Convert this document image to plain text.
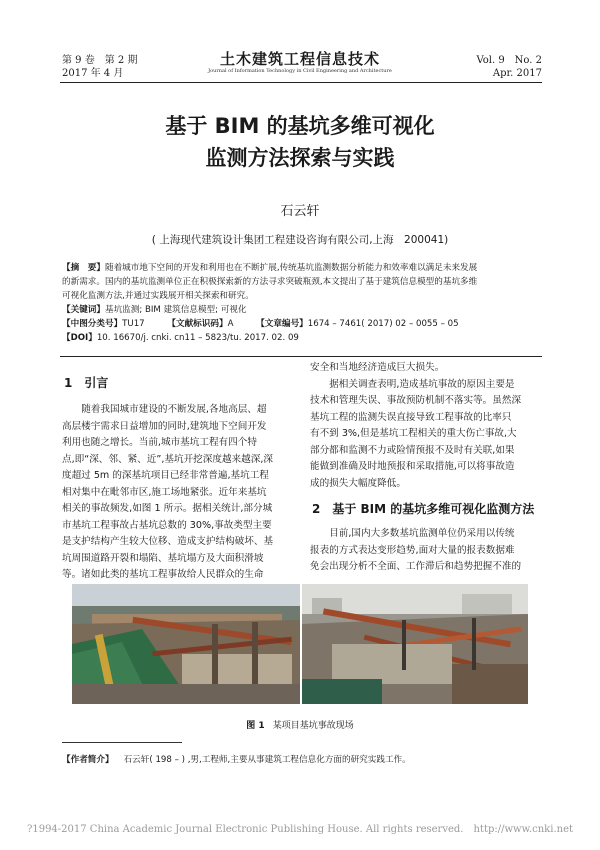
第 9 卷　第 2 期
2017 年 4 月
土木建筑工程信息技术
Journal of Information Technology in Civil Engineering and Architecture
Vol. 9　No. 2
Apr. 2017
基于 BIM 的基坑多维可视化
监测方法探索与实践
石云轩
( 上海现代建筑设计集团工程建设咨询有限公司,上海　200041)

【摘　要】随着城市地下空间的开发和利用也在不断扩展,传统基坑监测数据分析能力和效率难以满足未来发展

的新需求。国内的基坑监测单位正在积极探索新的方法寻求突破瓶颈,本文提出了基于建筑信息模型的基坑多维

可视化监测方法,并通过实践展开相关探索和研究。

【关键词】基坑监测; BIM 建筑信息模型; 可视化

【中图分类号】TU17	【文献标识码】A	【文章编号】1674 – 7461( 2017) 02 – 0055 – 05

【DOI】10. 16670/j. cnki. cn11 – 5823/tu. 2017. 02. 09

1　引言

随着我国城市建设的不断发展,各地高层、超

高层楼宇需求日益增加的同时,建筑地下空间开发

利用也随之增长。当前,城市基坑工程有四个特

点,即“深、邻、紧、近”,基坑开挖深度越来越深,深

度超过 5m 的深基坑项目已经非常普遍,基坑工程

相对集中在毗邻市区,施工场地紧张。近年来基坑

相关的事故频发,如图 1 所示。据相关统计,部分城

市基坑工程事故占基坑总数的 30%,事故类型主要

是支护结构产生较大位移、造成支护结构破坏、基

坑周围道路开裂和塌陷、基坑塌方及大面积滑坡

等。诸如此类的基坑工程事故给人民群众的生命

安全和当地经济造成巨大损失。

据相关调查表明,造成基坑事故的原因主要是

技术和管理失误、事故预防机制不落实等。虽然深

基坑工程的监测失误直接导致工程事故的比率只

有不到 3%,但是基坑工程相关的重大伤亡事故,大

部分都和监测不力或险情预报不及时有关联,如果

能做到准确及时地预报和采取措施,可以将事故造

成的损失大幅度降低。

2　基于 BIM 的基坑多维可视化监测方法

目前,国内大多数基坑监测单位仍采用以传统

报表的方式表达变形趋势,面对大量的报表数据难

免会出现分析不全面、工作滞后和趋势把握不准的

图 1 某项目基坑事故现场
【作者简介】 石云轩( 198 – ) ,男,工程师,主要从事建筑工程信息化方面的研究实践工作。
?1994-2017 China Academic Journal Electronic Publishing House. All rights reserved.　http://www.cnki.net
